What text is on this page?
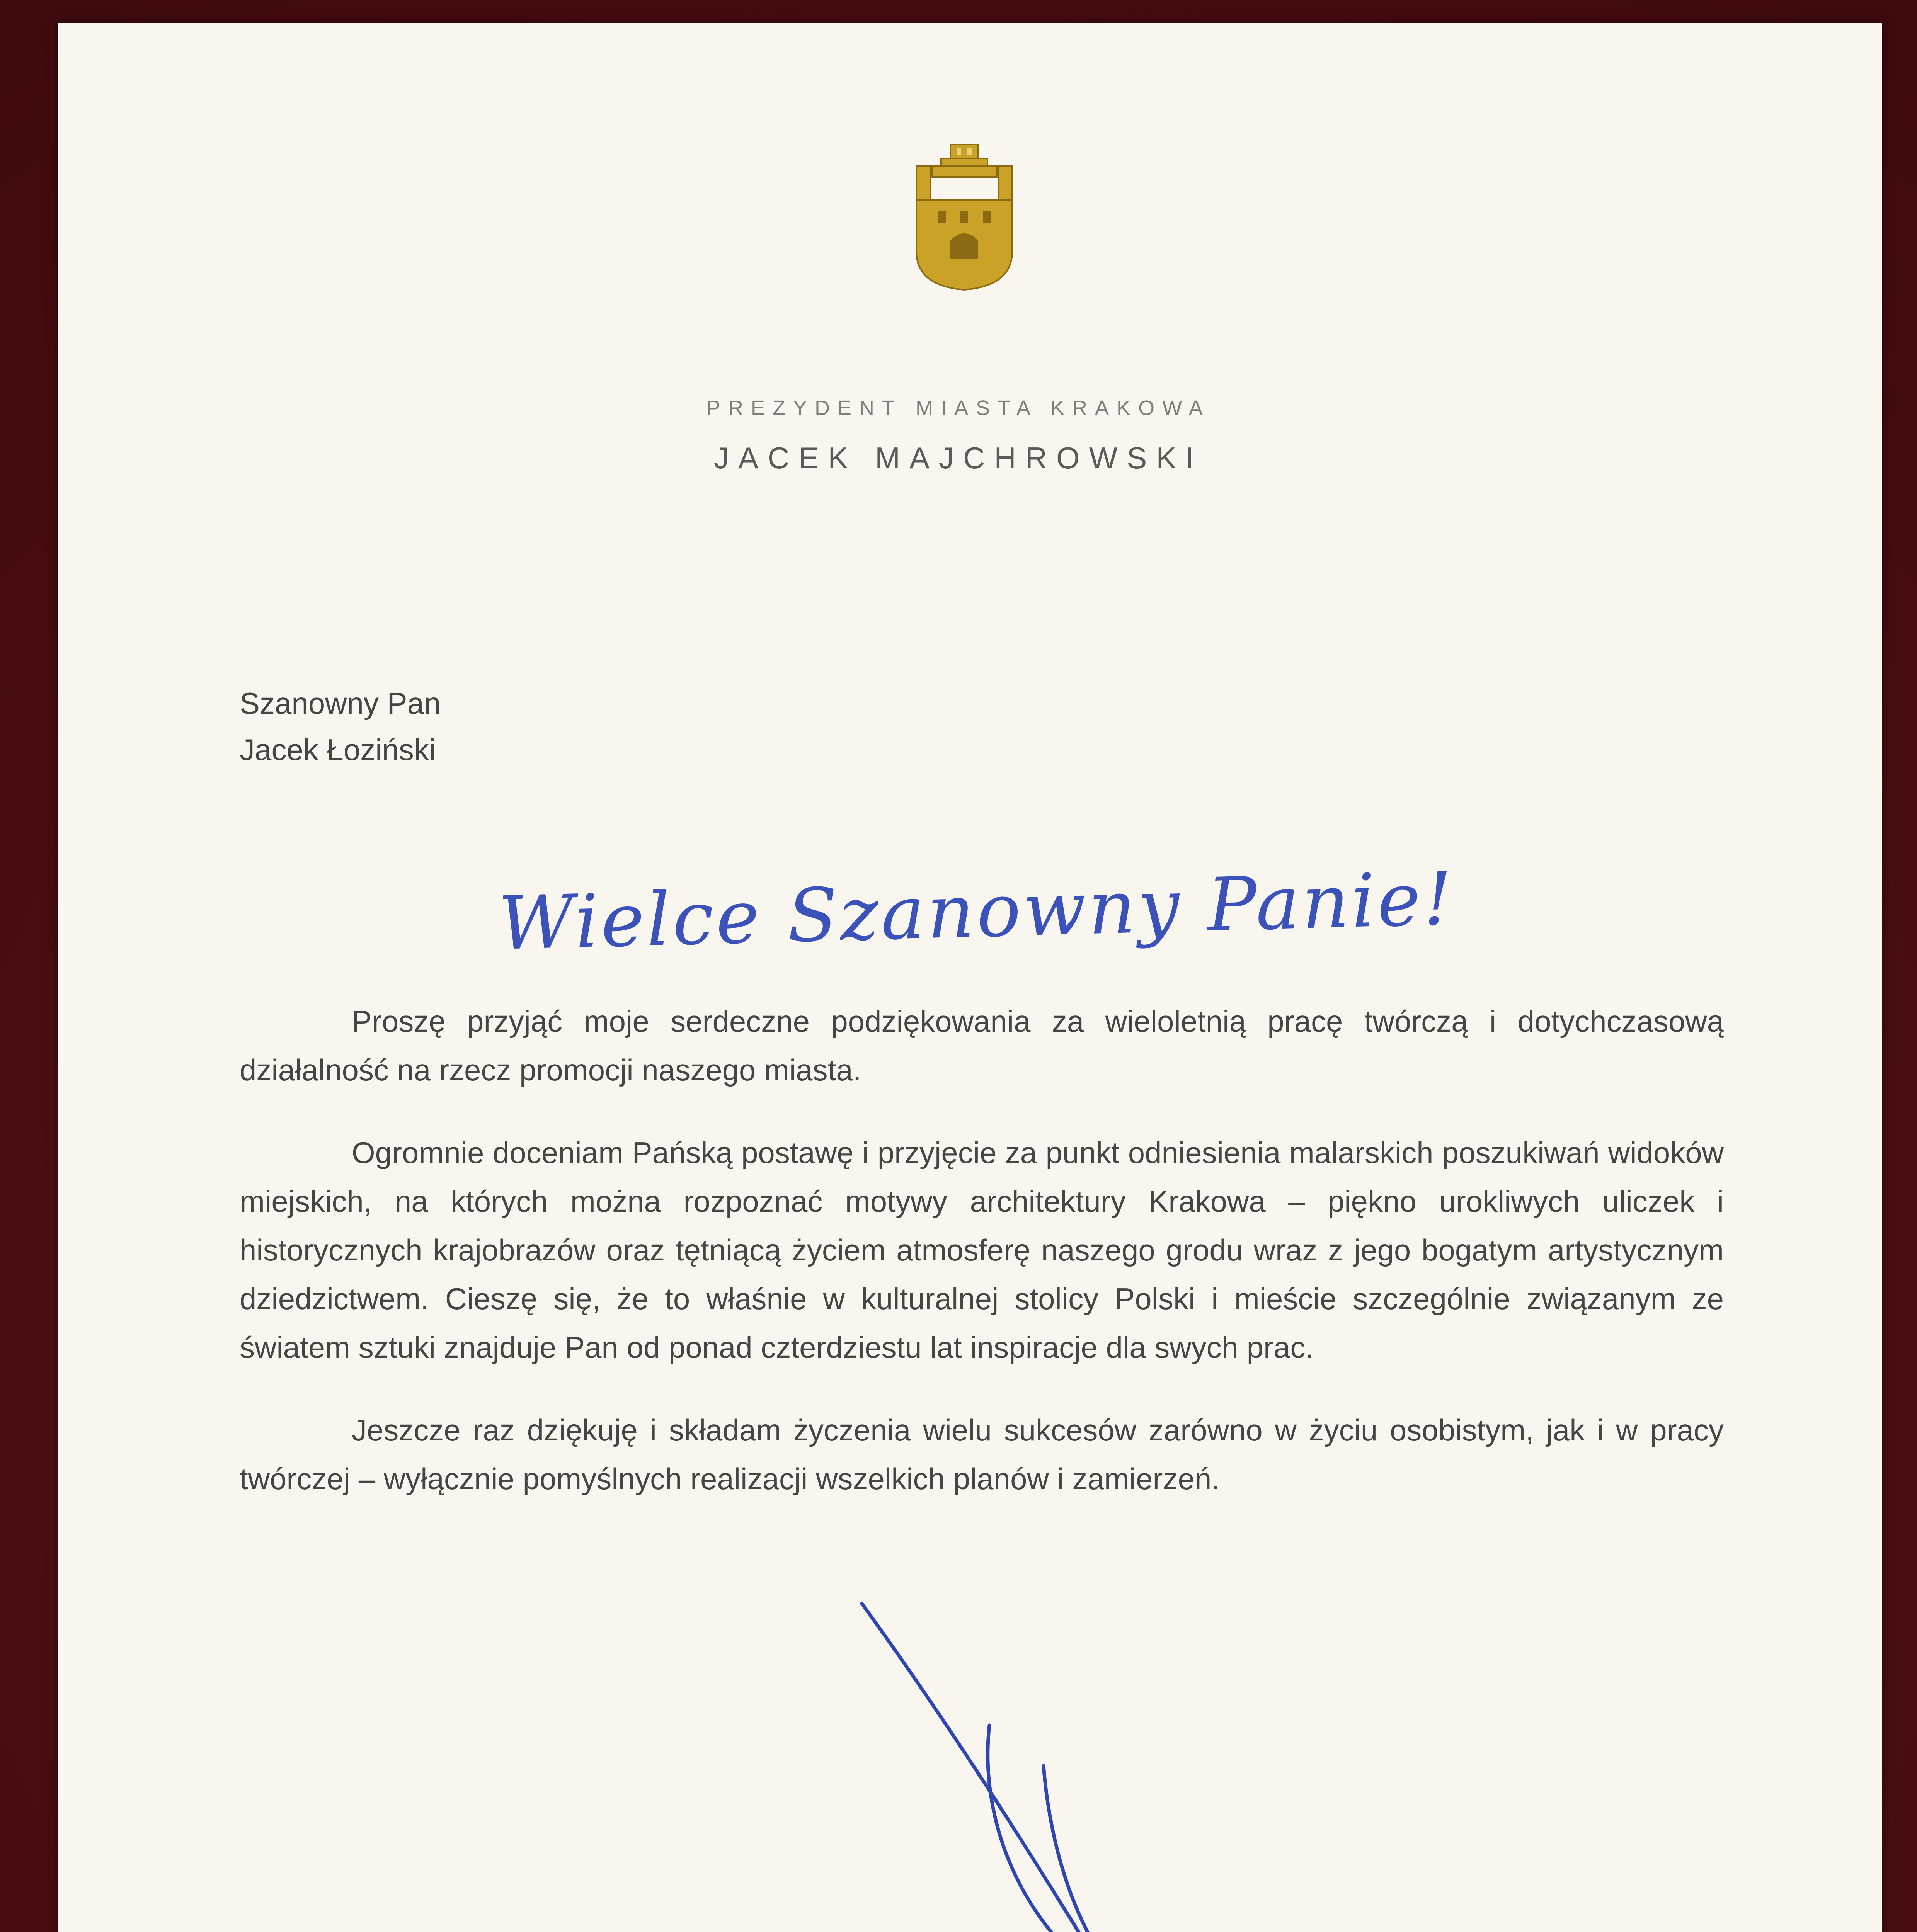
PREZYDENT MIASTA KRAKOWA
JACEK MAJCHROWSKI
Szanowny Pan
Jacek Łoziński
Wielce Szanowny Panie!

Proszę przyjąć moje serdeczne podziękowania za wieloletnią pracę twórczą i dotychczasową działalność na rzecz promocji naszego miasta.

Ogromnie doceniam Pańską postawę i przyjęcie za punkt odniesienia malarskich poszukiwań widoków miejskich, na których można rozpoznać motywy architektury Krakowa – piękno urokliwych uliczek i historycznych krajobrazów oraz tętniącą życiem atmosferę naszego grodu wraz z jego bogatym artystycznym dziedzictwem. Cieszę się, że to właśnie w kulturalnej stolicy Polski i mieście szczególnie związanym ze światem sztuki znajduje Pan od ponad czterdziestu lat inspiracje dla swych prac.

Jeszcze raz dziękuję i składam życzenia wielu sukcesów zarówno w życiu osobistym, jak i w pracy twórczej – wyłącznie pomyślnych realizacji wszelkich planów i zamierzeń.
